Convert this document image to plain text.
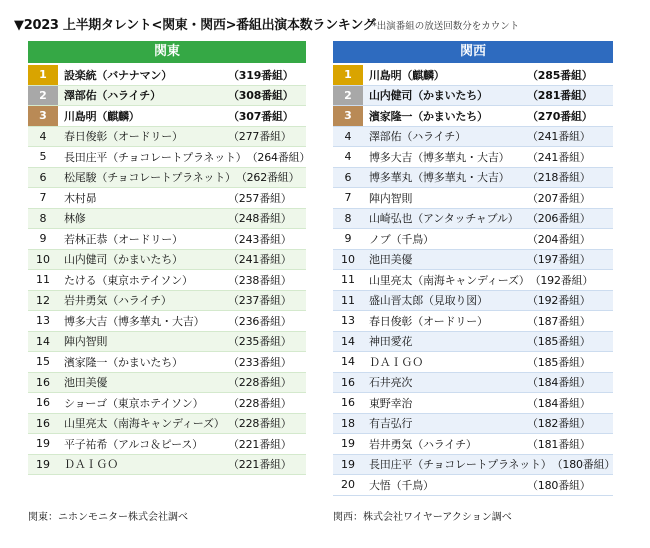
▼2023 上半期タレント<関東・関西>番組出演本数ランキング
*出演番組の放送回数分をカウント
関東
1	設楽統（バナナマン）	（319番組）
2	澤部佑（ハライチ）	（308番組）
3	川島明（麒麟）	（307番組）
4	春日俊彰（オードリー）	（277番組）
5	長田庄平（チョコレートプラネット） （264番組）
6	松尾駿（チョコレートプラネット） （262番組）
7	木村昴	（257番組）
8	林修	（248番組）
9	若林正恭（オードリー）	（243番組）
10	山内健司（かまいたち）	（241番組）
11	たける（東京ホテイソン）	（238番組）
12	岩井勇気（ハライチ）	（237番組）
13	博多大吉（博多華丸・大吉）	（236番組）
14	陣内智則	（235番組）
15	濱家隆一（かまいたち）	（233番組）
16	池田美優	（228番組）
16	ショーゴ（東京ホテイソン）	（228番組）
16	山里亮太（南海キャンディーズ） （228番組）
19	平子祐希（アルコ＆ピース）	（221番組）
19	ＤＡＩＧＯ	（221番組）
関西
1	川島明（麒麟）	（285番組）
2	山内健司（かまいたち）	（281番組）
3	濱家隆一（かまいたち）	（270番組）
4	澤部佑（ハライチ）	（241番組）
4	博多大吉（博多華丸・大吉）	（241番組）
6	博多華丸（博多華丸・大吉）	（218番組）
7	陣内智則	（207番組）
8	山崎弘也（アンタッチャブル） （206番組）
9	ノブ（千鳥）	（204番組）
10	池田美優	（197番組）
11	山里亮太（南海キャンディーズ） （192番組）
11	盛山晋太郎（見取り図）	（192番組）
13	春日俊彰（オードリー）	（187番組）
14	神田愛花	（185番組）
14	ＤＡＩＧＯ	（185番組）
16	石井亮次	（184番組）
16	東野幸治	（184番組）
18	有吉弘行	（182番組）
19	岩井勇気（ハライチ）	（181番組）
19	長田庄平（チョコレートプラネット） （180番組）
20	大悟（千鳥）	（180番組）
関東：ニホンモニター株式会社調べ	関西：株式会社ワイヤーアクション調べ
